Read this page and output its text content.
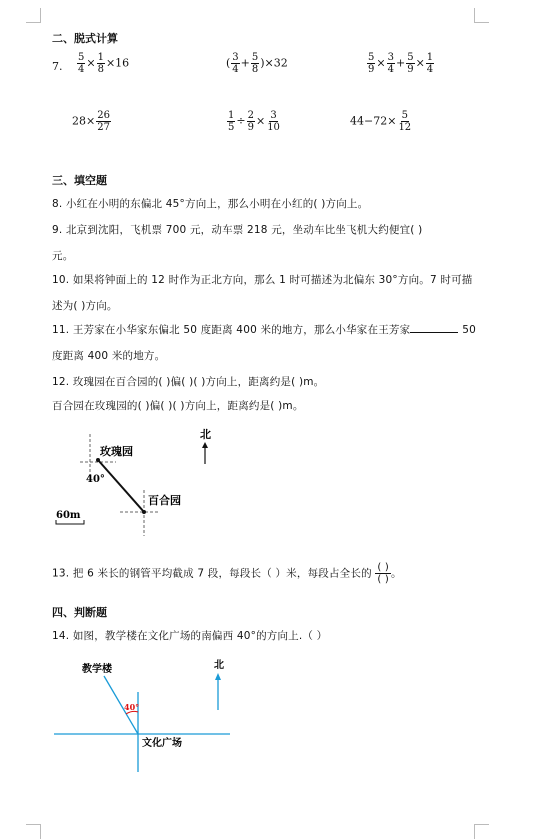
二、脱式计算
7. $\frac{5}{4} \times \frac{1}{8} \times 16$	( $\frac{3}{4} + \frac{5}{8} )\times 32$	$\frac{5}{9} \times \frac{3}{4} + \frac{5}{9} \times \frac{1}{4}$
$28\times \frac{26}{27}$	$\frac{1}{5} \div \frac{2}{9} \times \frac{3}{10}$	$44-72\times \frac{5}{12}$
三、填空题
8. 小红在小明的东偏北 45°方向上，那么小明在小红的( )方向上。
9. 北京到沈阳，飞机票 700 元，动车票 218 元，坐动车比坐飞机大约便宜( )
元。
10. 如果将钟面上的 12 时作为正北方向，那么 1 时可描述为北偏东 30°方向。7 时可描
述为( )方向。
11. 王芳家在小华家东偏北 50 度距离 400 米的地方，那么小华家在王芳家	50
度距离 400 米的地方。
12. 玫瑰园在百合园的( )偏( )( )方向上，距离约是( )m。
百合园在玫瑰园的( )偏( )( )方向上，距离约是( )m。
玫瑰园
百合园
40°
北
60m
13. 把 6 米长的钢管平均截成 7 段，每段长（ ）米，每段占全长的 $\frac{( )}{( )}$ 。
四、判断题
14. 如图，教学楼在文化广场的南偏西 40°的方向上.（ ）
40°
教学楼
文化广场
北
